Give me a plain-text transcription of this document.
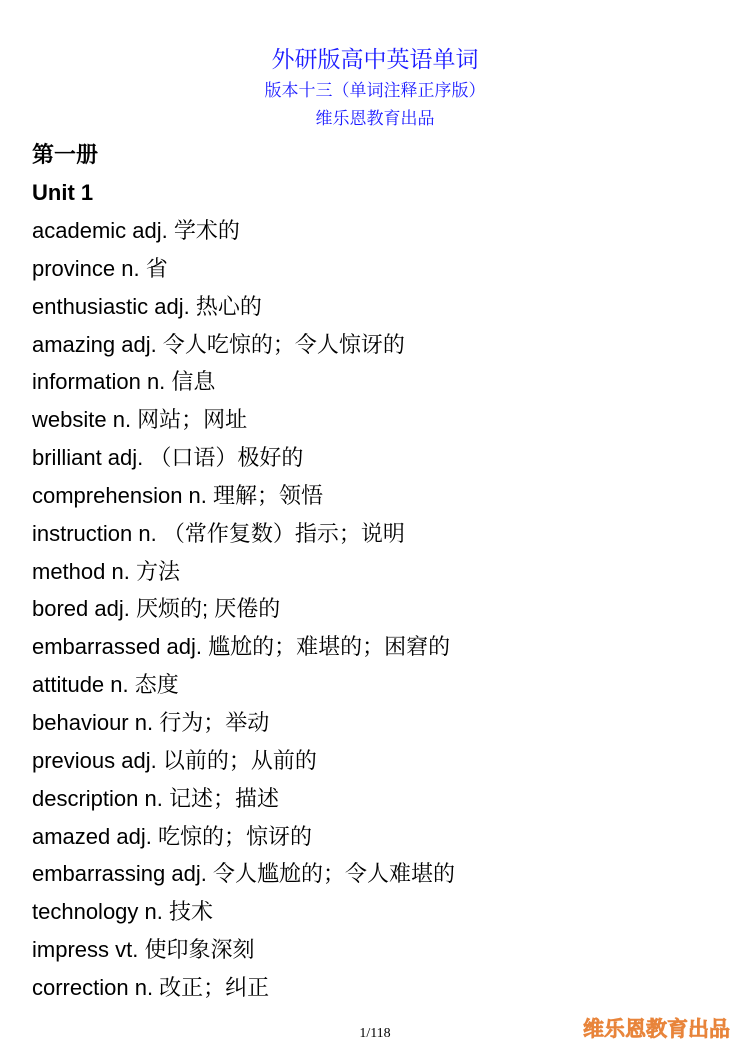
外研版高中英语单词
版本十三（单词注释正序版）
维乐恩教育出品
第一册
Unit 1
academic adj. 学术的
province n. 省
enthusiastic adj. 热心的
amazing adj. 令人吃惊的；令人惊讶的
information n. 信息
website n. 网站；网址
brilliant adj. （口语）极好的
comprehension n. 理解；领悟
instruction n. （常作复数）指示；说明
method n. 方法
bored adj. 厌烦的; 厌倦的
embarrassed adj. 尴尬的；难堪的；困窘的
attitude n. 态度
behaviour n. 行为；举动
previous adj. 以前的；从前的
description n. 记述；描述
amazed adj. 吃惊的；惊讶的
embarrassing adj. 令人尴尬的；令人难堪的
technology n. 技术
impress vt. 使印象深刻
correction n. 改正；纠正
1/118	维乐恩教育出品
